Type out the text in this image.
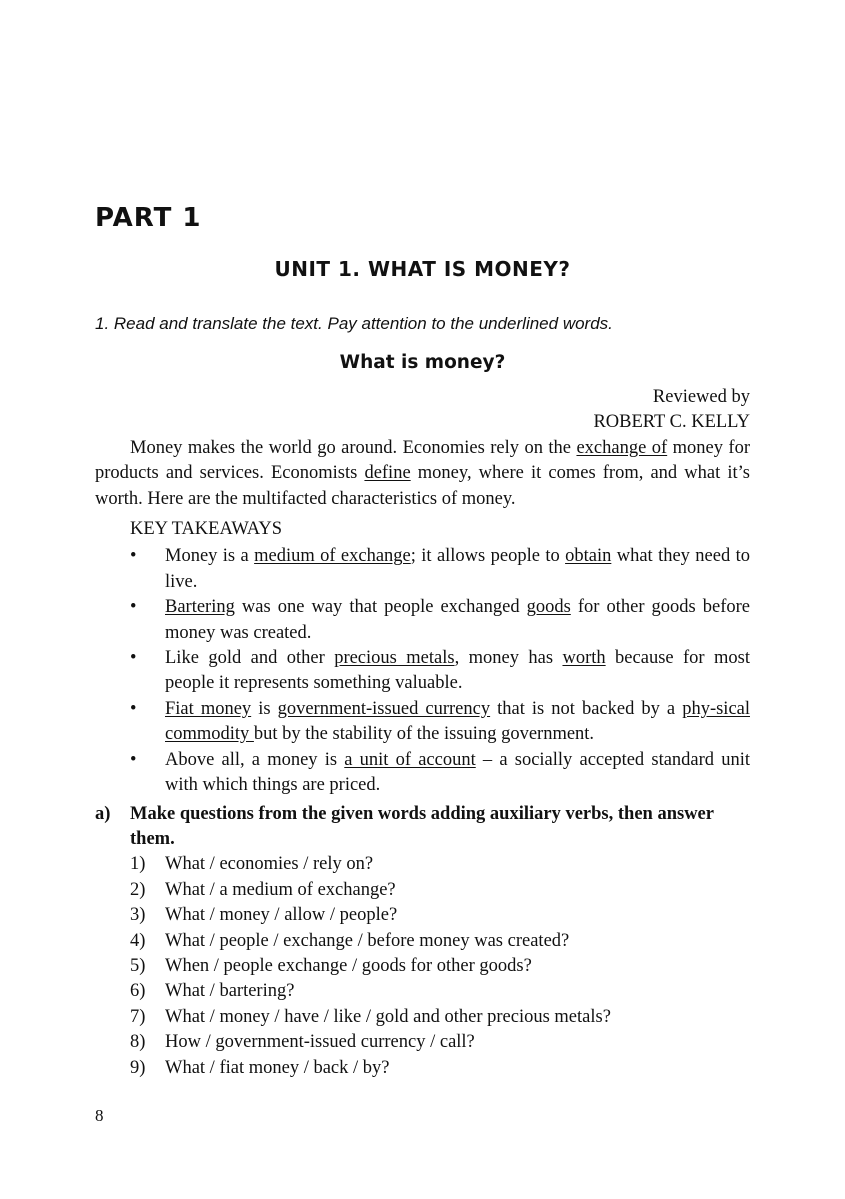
PART 1
UNIT 1. WHAT IS MONEY?
1. Read and translate the text. Pay attention to the underlined words.
What is money?
Reviewed by
ROBERT C. KELLY

Money makes the world go around. Economies rely on the exchange of money for products and services. Economists define money, where it comes from, and what it’s worth. Here are the multifacted characteristics of money.

KEY TAKEAWAYS
• Money is a medium of exchange; it allows people to obtain what they need to live.
• Bartering was one way that people exchanged goods for other goods before money was created.
• Like gold and other precious metals, money has worth because for most people it represents something valuable.
• Fiat money is government-issued currency that is not backed by a phy-sical commodity but by the stability of the issuing government.
• Above all, a money is a unit of account – a socially accepted standard unit with which things are priced.
a) Make questions from the given words adding auxiliary verbs, then answer them.
1) What / economies / rely on?
2) What / a medium of exchange?
3) What / money / allow / people?
4) What / people / exchange / before money was created?
5) When / people exchange / goods for other goods?
6) What / bartering?
7) What / money / have / like / gold and other precious metals?
8) How / government-issued currency / call?
9) What / fiat money / back / by?
8
